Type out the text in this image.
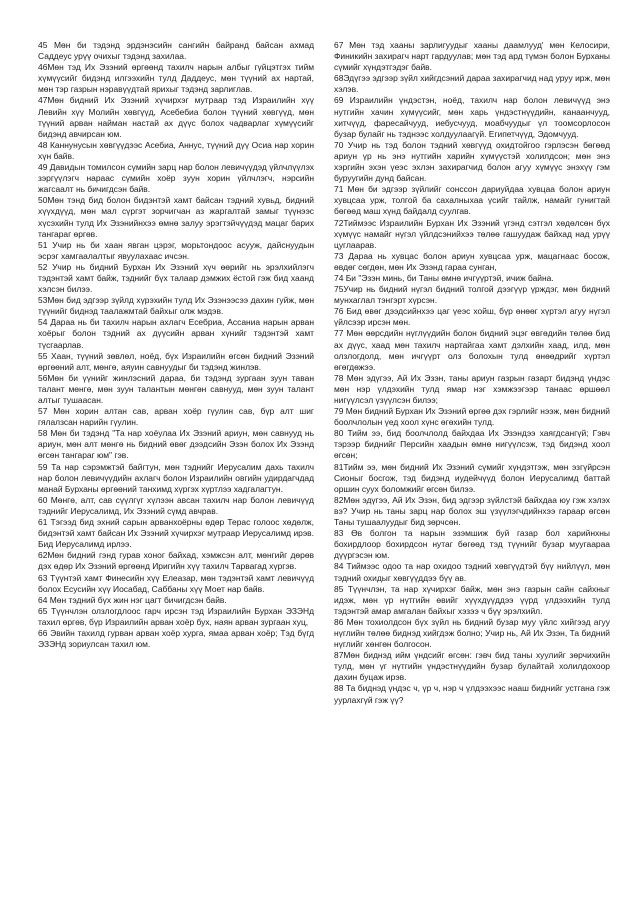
45 Мөн би тэдэнд эрдэнэсийн сангийн байранд байсан ахмад Саддеус урүү очихыг тэдэнд захилаа.

46Мөн тэд Их Эзэний өргөөнд тахилч нарын албыг гүйцэтгэх тийм хүмүүсийг бидэнд илгээхийн тулд Даддеус, мөн түүний ах нартай, мөн тэр газрын нэравүүдтай ярихыг тэдэнд зарлиглав.

47Мөн бидний Их Эзэний хүчирхэг мутраар тэд Израилийн хүү Левийн хүү Молийн хөвгүүд, Асебебиа болон түүний хөвгүүд, мөн түүний арван найман настай ах дүүс болох чадварлаг хүмүүсийг бидэнд авчирсан юм.

48 Каннунусын хөвгүүдээс Асебиа, Аннус, түүний дүү Осиа нар хорин хүн байв.

49 Давидын томилсон сүмийн зарц нар болон левичүүдэд үйлчлүүлэх зэргүүлэгч нараас сүмийн хоёр зуун хорин үйлчлэгч, нэрсийн жагсаалт нь бичигдсэн байв.

50Мөн тэнд бид болон бидэнтэй хамт байсан тэдний хувьд, бидний хүүхдүүд, мөн мал сүргэт зорчигчан аз жаргалтай замыг түүнээс хүсэхийн тулд Их Эзэнийнхээ өмнө залуу эрэгтэйчүүдэд мацаг барих тангараг өргөв.

51 Учир нь би хаан явган цэрэг, морьтондоос асууж, дайснуудын эсрэг хамгаалалтыг явуулахаас ичсэн.

52 Учир нь бидний Бурхан Их Эзэний хүч өөрийг нь эрэлхийлэгч тэдэнтэй хамт байж, тэднийг бүх талаар дэмжих ёстой гэж бид хаанд хэлсэн билээ.

53Мөн бид эдгээр зүйлд хүрэхийн тулд Их Эзэнээсээ дахин гуйж, мөн түүнийг биднэд таалажмтай байхыг олж мэдэв.

54 Дараа нь би тахилч нарын ахлагч Есебриа, Ассаниа нарын арван хоёрыг болон тэдний ах дүүсийн арван хүнийг тэдэнтэй хамт түсгаарлав.

55 Хаан, түүний зөвлөл, ноёд, бүх Израилийн өгсөн бидний Эзэний өргөөний алт, мөнгө, аяуин савнуудыг би тэдэнд жинлэв.

56Мөн би үүнийг жинлэсний дараа, би тэдэнд зургаан зуун таван талант мөнгө, мөн зуун талантын мөнгөн савнууд, мөн зуун талант алтыг тушаасан.

57 Мөн хорин алтан сав, арван хоёр гүулин сав, бүр алт шиг гялалзсан нарийн гүулин.

58 Мөн би тэдэнд "Та нар хоёулаа Их Эзэний ариун, мөн савнууд нь ариун, мөн алт мөнгө нь бидний өвөг дээдсийн Эзэн болох Их Эзэнд өгсөн тангараг юм" гэв.

59 Та нар сэрэмжтэй байгтун, мөн тэднийг Иерусалим дахь тахилч нар болон левичүүдийн ахлагч болон Израилийн овгийн удирдагчдад манай Бурханы өргөөний танхимд хүргэх хүртлээ хадгалагтун.

60 Мөнгө, алт, сав сүүлгүг хүлээн авсан тахилч нар болон левичүүд тэднийг Иерусалимд, Их Эзэний сүмд авчрав.

61 Тэгээд бид эхний сарын арванхоёрны өдөр Терас голоос хөдөлж, бидэнтэй хамт байсан Их Эзэний хүчирхэг мутраар Иерусалимд ирэв. Бид Иерусалимд ирлээ.

62Мөн бидний гэнд гурав хоног байхад, хэмжсэн алт, мөнгийг дөрөв дэх өдөр Их Эзэний өргөөнд Иригийн хүү тахилч Тарвагад хүргэв.

63 Түүнтэй хамт Финесийн хүү Елеазар, мөн тэдэнтэй хамт левичүүд болох Есусийн хүү Иосабад, Саббаны хүү Моет нар байв.

64 Мөн тэдний бүх жин нэг цагт бичигдсэн байв.

65 Түүнчлэн олзлогдлоос гарч ирсэн тэд Израилийн Бурхан ЭЗЭНд тахил өргөв, бүр Израилийн арван хоёр бух, наян арван зургаан хуц,

66 Эвийн тахилд гурван арван хоёр хурга, ямаа арван хоёр; Тэд бүгд ЭЗЭНд зориулсан тахил юм.

67 Мөн тэд хааны зарлигуудыг хааны даамлууд' мөн Келосири, Финикийн захирагч нарт гардуулав; мөн тэд ард түмэн болон Бурханы сүмийг хүндэтгэдэг байв.

68Эдүгээ эдгээр зүйл хийгдсэний дараа захирагчид над уруу ирж, мөн хэлэв.

69 Израилийн үндэстэн, ноёд, тахилч нар болон левичүүд энэ нутгийн хачин хүмүүсийг, мөн харь үндэстнүүдийн, канаанчууд, хитчүүд, фаресайчууд, иебусчууд, моабчуудыг үл тоомсорлосон бузар булайг нь тэднээс холдуулаагүй. Египетчүүд, Эдомчууд.

70 Учир нь тэд болон тэдний хөвгүүд охидтойгоо гэрлэсэн бөгөөд ариун үр нь энэ нутгийн харийн хүмүүстэй холилдсон; мөн энэ хэргийн эхэн үеэс эхлэн захирагчид болон агуу хүмүүс энэхүү гэм буруугийн дунд байсан.

71 Мөн би эдгээр зүйлийг сонссон дариуйдаа хувцаа болон ариун хувцсаа урж, толгой ба сахалныхаа үсийг тайлж, намайг гунигтай бөгөөд маш хүнд байдалд суулгав.

72Тиймээс Израилийн Бурхан Их Эзэний үгэнд сэтгэл хөдөлсөн бүх хүмүүс намайг нүгэл үйлдсэнийхээ төлөө гашуудаж байхад над урүү цуглаарав.

73 Дараа нь хувцас болон ариун хувцсаа урж, мацагнаас босож, өвдөг сөгдөн, мөн Их Эзэнд гараа сунган,

74 Би "Эзэн минь, би Таны өмнө ичгүүртэй, ичиж байна.

75Учир нь бидний нүгэл бидний толгой дээгүүр үрждэг, мөн бидний мунхаглал тэнгэрт хүрсэн.

76 Бид өвөг дээдсийнхээ цаг үеэс хойш, бүр өнөөг хүртэл агуу нүгэл үйлсээр ирсэн мөн.

77 Мөн өөрсдийн нүглүүдийн болон бидний эцэг өвгөдийн төлөө бид ах дүүс, хаад мөн тахилч нартайгаа хамт дэлхийн хаад, илд, мөн олзлогдолд, мөн ичгүүрт олз болохын тулд өнөөдрийг хүртэл өгөгдөжээ.

78 Мөн эдүгээ, Ай Их Эзэн, таны ариун газрын газарт бидэнд үндэс мөн нэр үлдэхийн тулд ямар нэг хэмжээгээр танаас өршөөл нигүүлсэл үзүүлсэн билээ;

79 Мөн бидний Бурхан Их Эзэний өргөө дэх гэрлийг нээж, мөн бидний боолчлолын үед хоол хүнс өгөхийн тулд.

80 Тийм ээ, бид боолчлолд байхдаа Их Эзэндээ хаягдсангүй; Гэвч тэрээр биднийг Персийн хаадын өмнө нигүүлсэж, тэд бидэнд хоол өгсөн;

81Тийм ээ, мөн бидний Их Эзэний сүмийг хүндэтгэж, мөн эзгүйрсэн Сионыг босгож, тэд бидэнд иудейчүүд болон Иерусалимд баттай оршин суух боломжийг өгсөн билээ.

82Мөн эдүгээ, Ай Их Эзэн, бид эдгээр зүйлстэй байхдаа юу гэж хэлэх вэ? Учир нь таны зарц нар болох эш үзүүлэгчдийнхээ гараар өгсөн Таны тушаалуудыг бид зөрчсөн.

83 Өв болгон та нарын эзэмшиж буй газар бол харийнхны бохирдлоор бохирдсон нутаг бөгөөд тэд түүнийг бузар муугаараа дүүргэсэн юм.

84 Тиймээс одоо та нар охидоо тэдний хөвгүүдтэй бүү нийлүүл, мөн тэдний охидыг хөвгүүддээ бүү ав.

85 Түүнчлэн, та нар хүчирхэг байж, мөн энэ газрын сайн сайхныг идэж, мөн үр нүтгийн өвийг хүүхдүүддээ үүрд үлдээхийн тулд тэдэнтэй амар амгалан байхыг хэзээ ч бүү эрэлхийл.

86 Мөн тохиолдсон бүх зүйл нь бидний бузар муу үйлс хийгээд агуу нүглийн төлөө биднэд хийгдэж болно; Учир нь, Ай Их Эзэн, Та бидний нүглийг хөнгөн болгосон.

87Мөн биднэд ийм үндсийг өгсөн: гэвч бид таны хуулийг зөрчихийн тулд, мөн үг нүтгийн үндэстнүүдийн бузар булайтай холилдохоор дахин буцаж ирэв.

88 Та биднэд үндэс ч, үр ч, нэр ч үлдээхээс нааш биднийг устгана гэж уурлахгүй гэж үү?
